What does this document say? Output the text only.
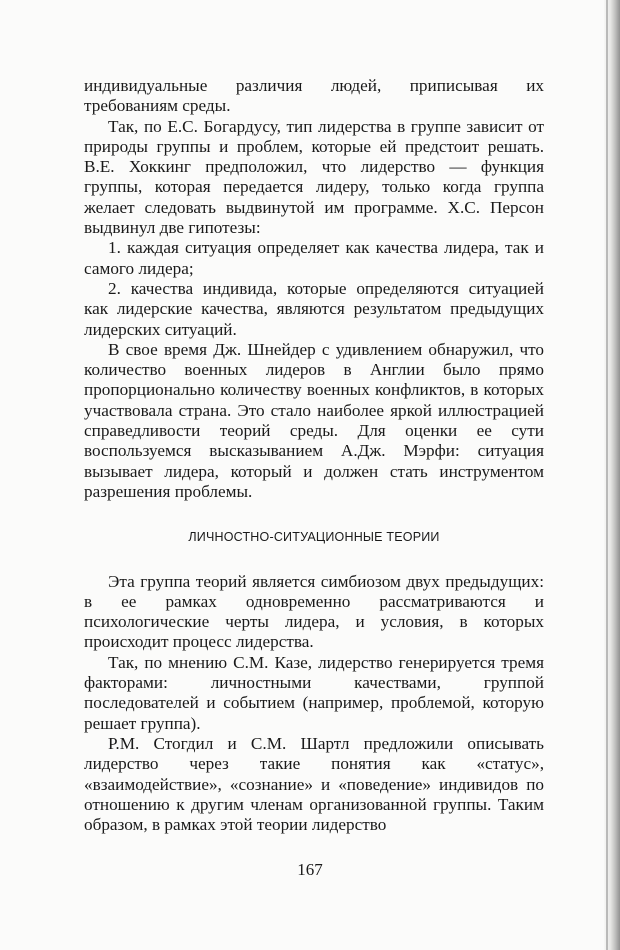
индивидуальные различия людей, приписывая их требованиям среды.

Так, по Е.С. Богардусу, тип лидерства в группе зависит от природы группы и проблем, которые ей предстоит решать. В.Е. Хоккинг предположил, что лидерство — функция группы, которая передается лидеру, только когда группа желает следовать выдвинутой им программе. Х.С. Персон выдвинул две гипотезы:

1. каждая ситуация определяет как качества лидера, так и самого лидера;

2. качества индивида, которые определяются ситуацией как лидерские качества, являются результатом предыдущих лидерских ситуаций.

В свое время Дж. Шнейдер с удивлением обнаружил, что количество военных лидеров в Англии было прямо пропорционально количеству военных конфликтов, в которых участвовала страна. Это стало наиболее яркой иллюстрацией справедливости теорий среды. Для оценки ее сути воспользуемся высказыванием А.Дж. Мэрфи: ситуация вызывает лидера, который и должен стать инструментом разрешения проблемы.

ЛИЧНОСТНО-СИТУАЦИОННЫЕ ТЕОРИИ

Эта группа теорий является симбиозом двух предыдущих: в ее рамках одновременно рассматриваются и психологические черты лидера, и условия, в которых происходит процесс лидерства.

Так, по мнению С.М. Казе, лидерство генерируется тремя факторами: личностными качествами, группой последователей и событием (например, проблемой, которую решает группа).

Р.М. Стогдил и С.М. Шартл предложили описывать лидерство через такие понятия как «статус», «взаимодействие», «сознание» и «поведение» индивидов по отношению к другим членам организованной группы. Таким образом, в рамках этой теории лидерство

167
